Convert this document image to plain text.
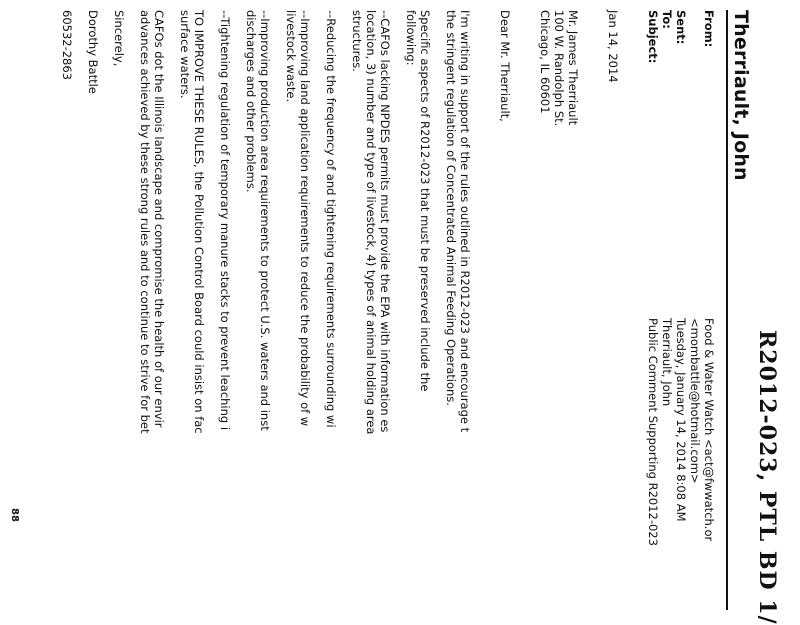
R2012-023, PTL BD 1/
Therriault, John
From:
Food & Water Watch <act@fwwatch.or
<mombattle@hotmail.com>
Sent:
Tuesday, January 14, 2014 8:08 AM
To:
Therriault, John
Subject:
Public Comment Supporting R2012-023
Jan 14, 2014
Mr. James Therriault
100 W. Randolph St.
Chicago, IL 60601
Dear Mr. Therriault,
I'm writing in support of the rules outlined in R2012-023 and encourage t
the stringent regulation of Concentrated Animal Feeding Operations.
Specific aspects of R2012-023 that must be preserved include the
following:
--CAFOs lacking NPDES permits must provide the EPA with information es
location, 3) number and type of livestock, 4) types of animal holding area
structures.
--Reducing the frequency of and tightening requirements surrounding wi
--Improving land application requirements to reduce the probability of w
livestock waste.
--Improving production area requirements to protect U.S. waters and inst
discharges and other problems.
--Tightening regulation of temporary manure stacks to prevent leaching i
TO IMPROVE THESE RULES, the Pollution Control Board could insist on fac
surface waters.
CAFOs dot the Illinois landscape and compromise the health of our envir
advances achieved by these strong rules and to continue to strive for bet
Sincerely,
Dorothy Battle
60532-2863
88
